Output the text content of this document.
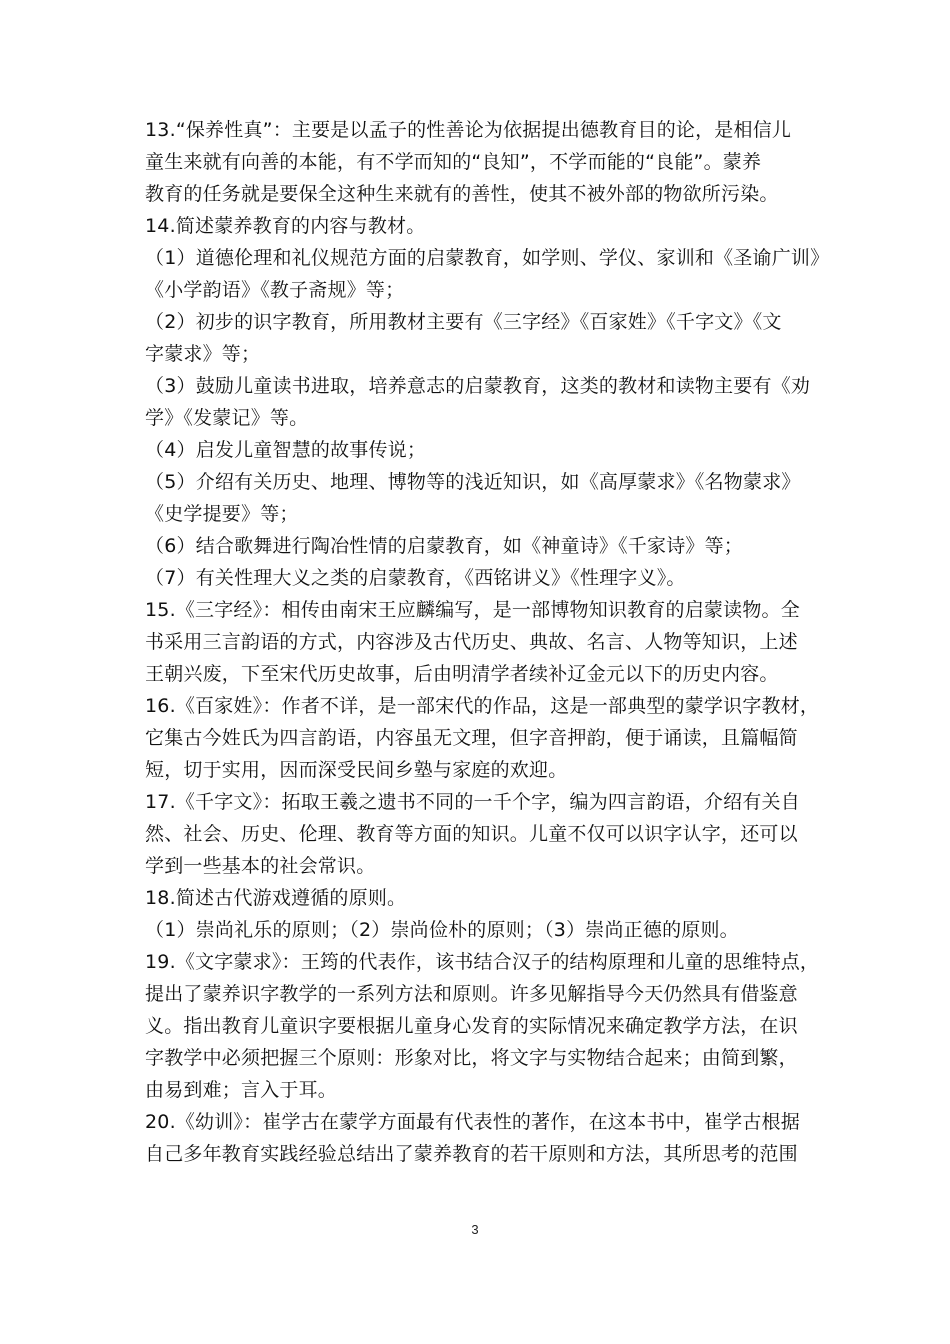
13.“保养性真”：主要是以孟子的性善论为依据提出德教育目的论，是相信儿
童生来就有向善的本能，有不学而知的“良知”，不学而能的“良能”。蒙养
教育的任务就是要保全这种生来就有的善性，使其不被外部的物欲所污染。
14.简述蒙养教育的内容与教材。
（1）道德伦理和礼仪规范方面的启蒙教育，如学则、学仪、家训和《圣谕广训》
《小学韵语》《教子斋规》等；
（2）初步的识字教育，所用教材主要有《三字经》《百家姓》《千字文》《文
字蒙求》等；
（3）鼓励儿童读书进取，培养意志的启蒙教育，这类的教材和读物主要有《劝
学》《发蒙记》等。
（4）启发儿童智慧的故事传说；
（5）介绍有关历史、地理、博物等的浅近知识，如《高厚蒙求》《名物蒙求》
《史学提要》等；
（6）结合歌舞进行陶冶性情的启蒙教育，如《神童诗》《千家诗》等；
（7）有关性理大义之类的启蒙教育，《西铭讲义》《性理字义》。
15.《三字经》：相传由南宋王应麟编写，是一部博物知识教育的启蒙读物。全
书采用三言韵语的方式，内容涉及古代历史、典故、名言、人物等知识，上述
王朝兴废，下至宋代历史故事，后由明清学者续补辽金元以下的历史内容。
16.《百家姓》：作者不详，是一部宋代的作品，这是一部典型的蒙学识字教材，
它集古今姓氏为四言韵语，内容虽无文理，但字音押韵，便于诵读，且篇幅简
短，切于实用，因而深受民间乡塾与家庭的欢迎。
17.《千字文》：拓取王羲之遗书不同的一千个字，编为四言韵语，介绍有关自
然、社会、历史、伦理、教育等方面的知识。儿童不仅可以识字认字，还可以
学到一些基本的社会常识。
18.简述古代游戏遵循的原则。
（1）崇尚礼乐的原则；（2）崇尚俭朴的原则；（3）崇尚正德的原则。
19.《文字蒙求》：王筠的代表作，该书结合汉子的结构原理和儿童的思维特点，
提出了蒙养识字教学的一系列方法和原则。许多见解指导今天仍然具有借鉴意
义。指出教育儿童识字要根据儿童身心发育的实际情况来确定教学方法，在识
字教学中必须把握三个原则：形象对比，将文字与实物结合起来；由简到繁，
由易到难；言入于耳。
20.《幼训》：崔学古在蒙学方面最有代表性的著作，在这本书中，崔学古根据
自己多年教育实践经验总结出了蒙养教育的若干原则和方法，其所思考的范围
3
